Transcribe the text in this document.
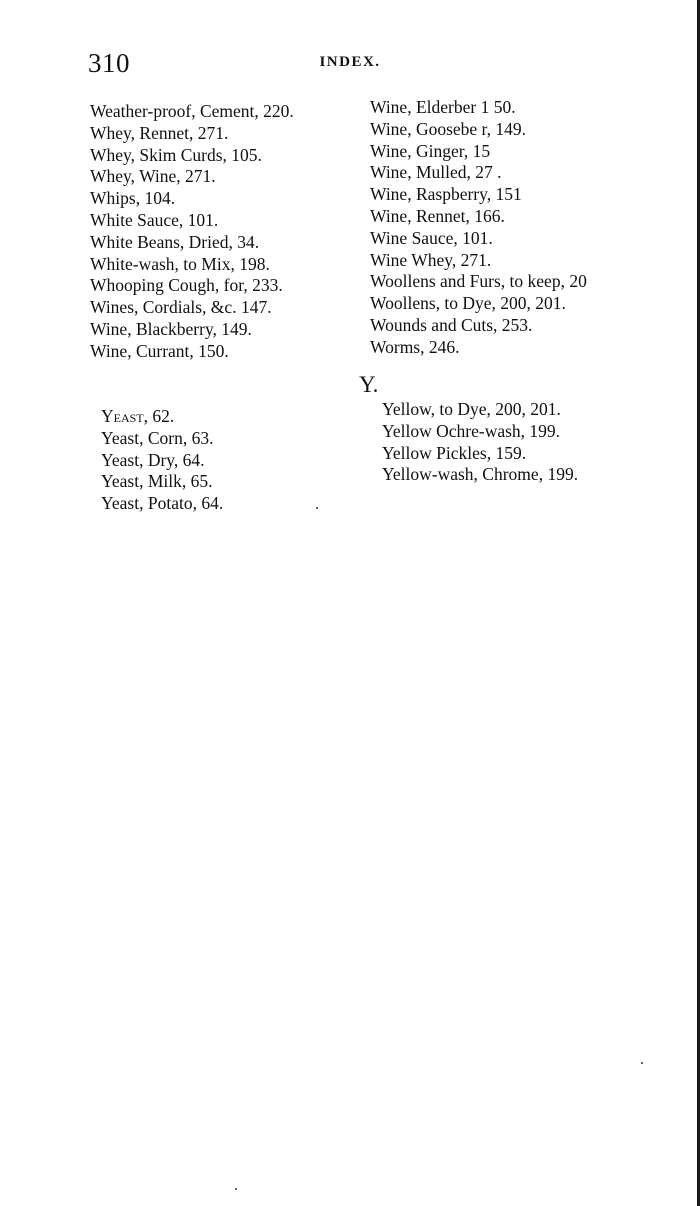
310	INDEX.
Weather-proof, Cement, 220.
Whey, Rennet, 271.
Whey, Skim Curds, 105.
Whey, Wine, 271.
Whips, 104.
White Sauce, 101.
White Beans, Dried, 34.
White-wash, to Mix, 198.
Whooping Cough, for, 233.
Wines, Cordials, &c. 147.
Wine, Blackberry, 149.
Wine, Currant, 150.
Yeast, 62.
Yeast, Corn, 63.
Yeast, Dry, 64.
Yeast, Milk, 65.
Yeast, Potato, 64.
Wine, Elderber 1 50.
Wine, Goosebe r, 149.
Wine, Ginger, 15
Wine, Mulled, 27 .
Wine, Raspberry, 151
Wine, Rennet, 166.
Wine Sauce, 101.
Wine Whey, 271.
Woollens and Furs, to keep, 20
Woollens, to Dye, 200, 201.
Wounds and Cuts, 253.
Worms, 246.
Y.
Yellow, to Dye, 200, 201.
Yellow Ochre-wash, 199.
Yellow Pickles, 159.
Yellow-wash, Chrome, 199.
